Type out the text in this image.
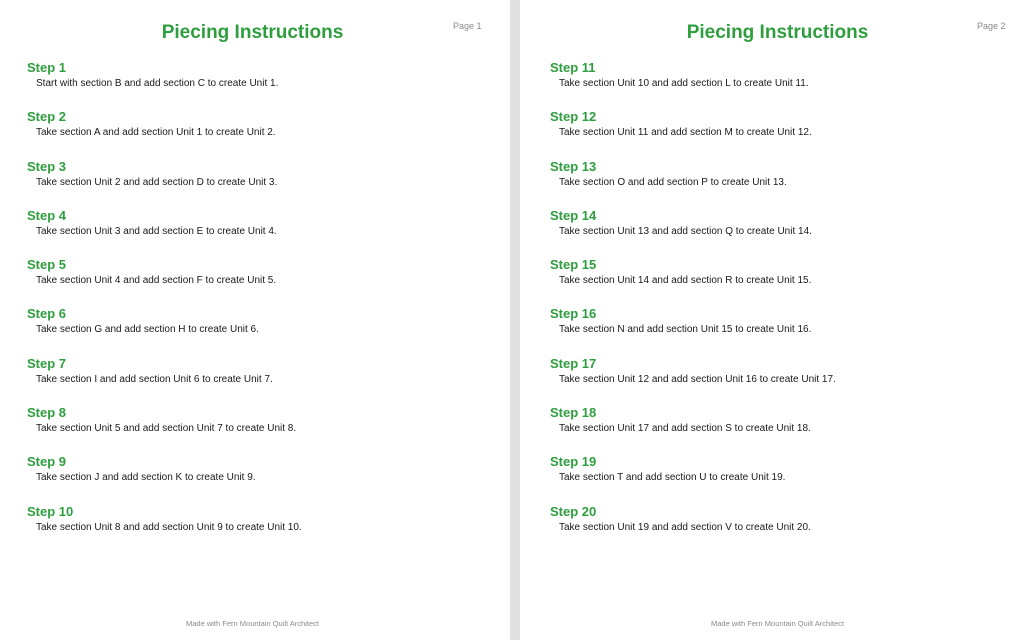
Piecing Instructions	Page 1
Step 1
Start with section B and add section C to create Unit 1.
Step 2
Take section A and add section Unit 1 to create Unit 2.
Step 3
Take section Unit 2 and add section D to create Unit 3.
Step 4
Take section Unit 3 and add section E to create Unit 4.
Step 5
Take section Unit 4 and add section F to create Unit 5.
Step 6
Take section G and add section H to create Unit 6.
Step 7
Take section I and add section Unit 6 to create Unit 7.
Step 8
Take section Unit 5 and add section Unit 7 to create Unit 8.
Step 9
Take section J and add section K to create Unit 9.
Step 10
Take section Unit 8 and add section Unit 9 to create Unit 10.
Made with Fern Mountain Quilt Architect
Piecing Instructions	Page 2
Step 11
Take section Unit 10 and add section L to create Unit 11.
Step 12
Take section Unit 11 and add section M to create Unit 12.
Step 13
Take section O and add section P to create Unit 13.
Step 14
Take section Unit 13 and add section Q to create Unit 14.
Step 15
Take section Unit 14 and add section R to create Unit 15.
Step 16
Take section N and add section Unit 15 to create Unit 16.
Step 17
Take section Unit 12 and add section Unit 16 to create Unit 17.
Step 18
Take section Unit 17 and add section S to create Unit 18.
Step 19
Take section T and add section U to create Unit 19.
Step 20
Take section Unit 19 and add section V to create Unit 20.
Made with Fern Mountain Quilt Architect
